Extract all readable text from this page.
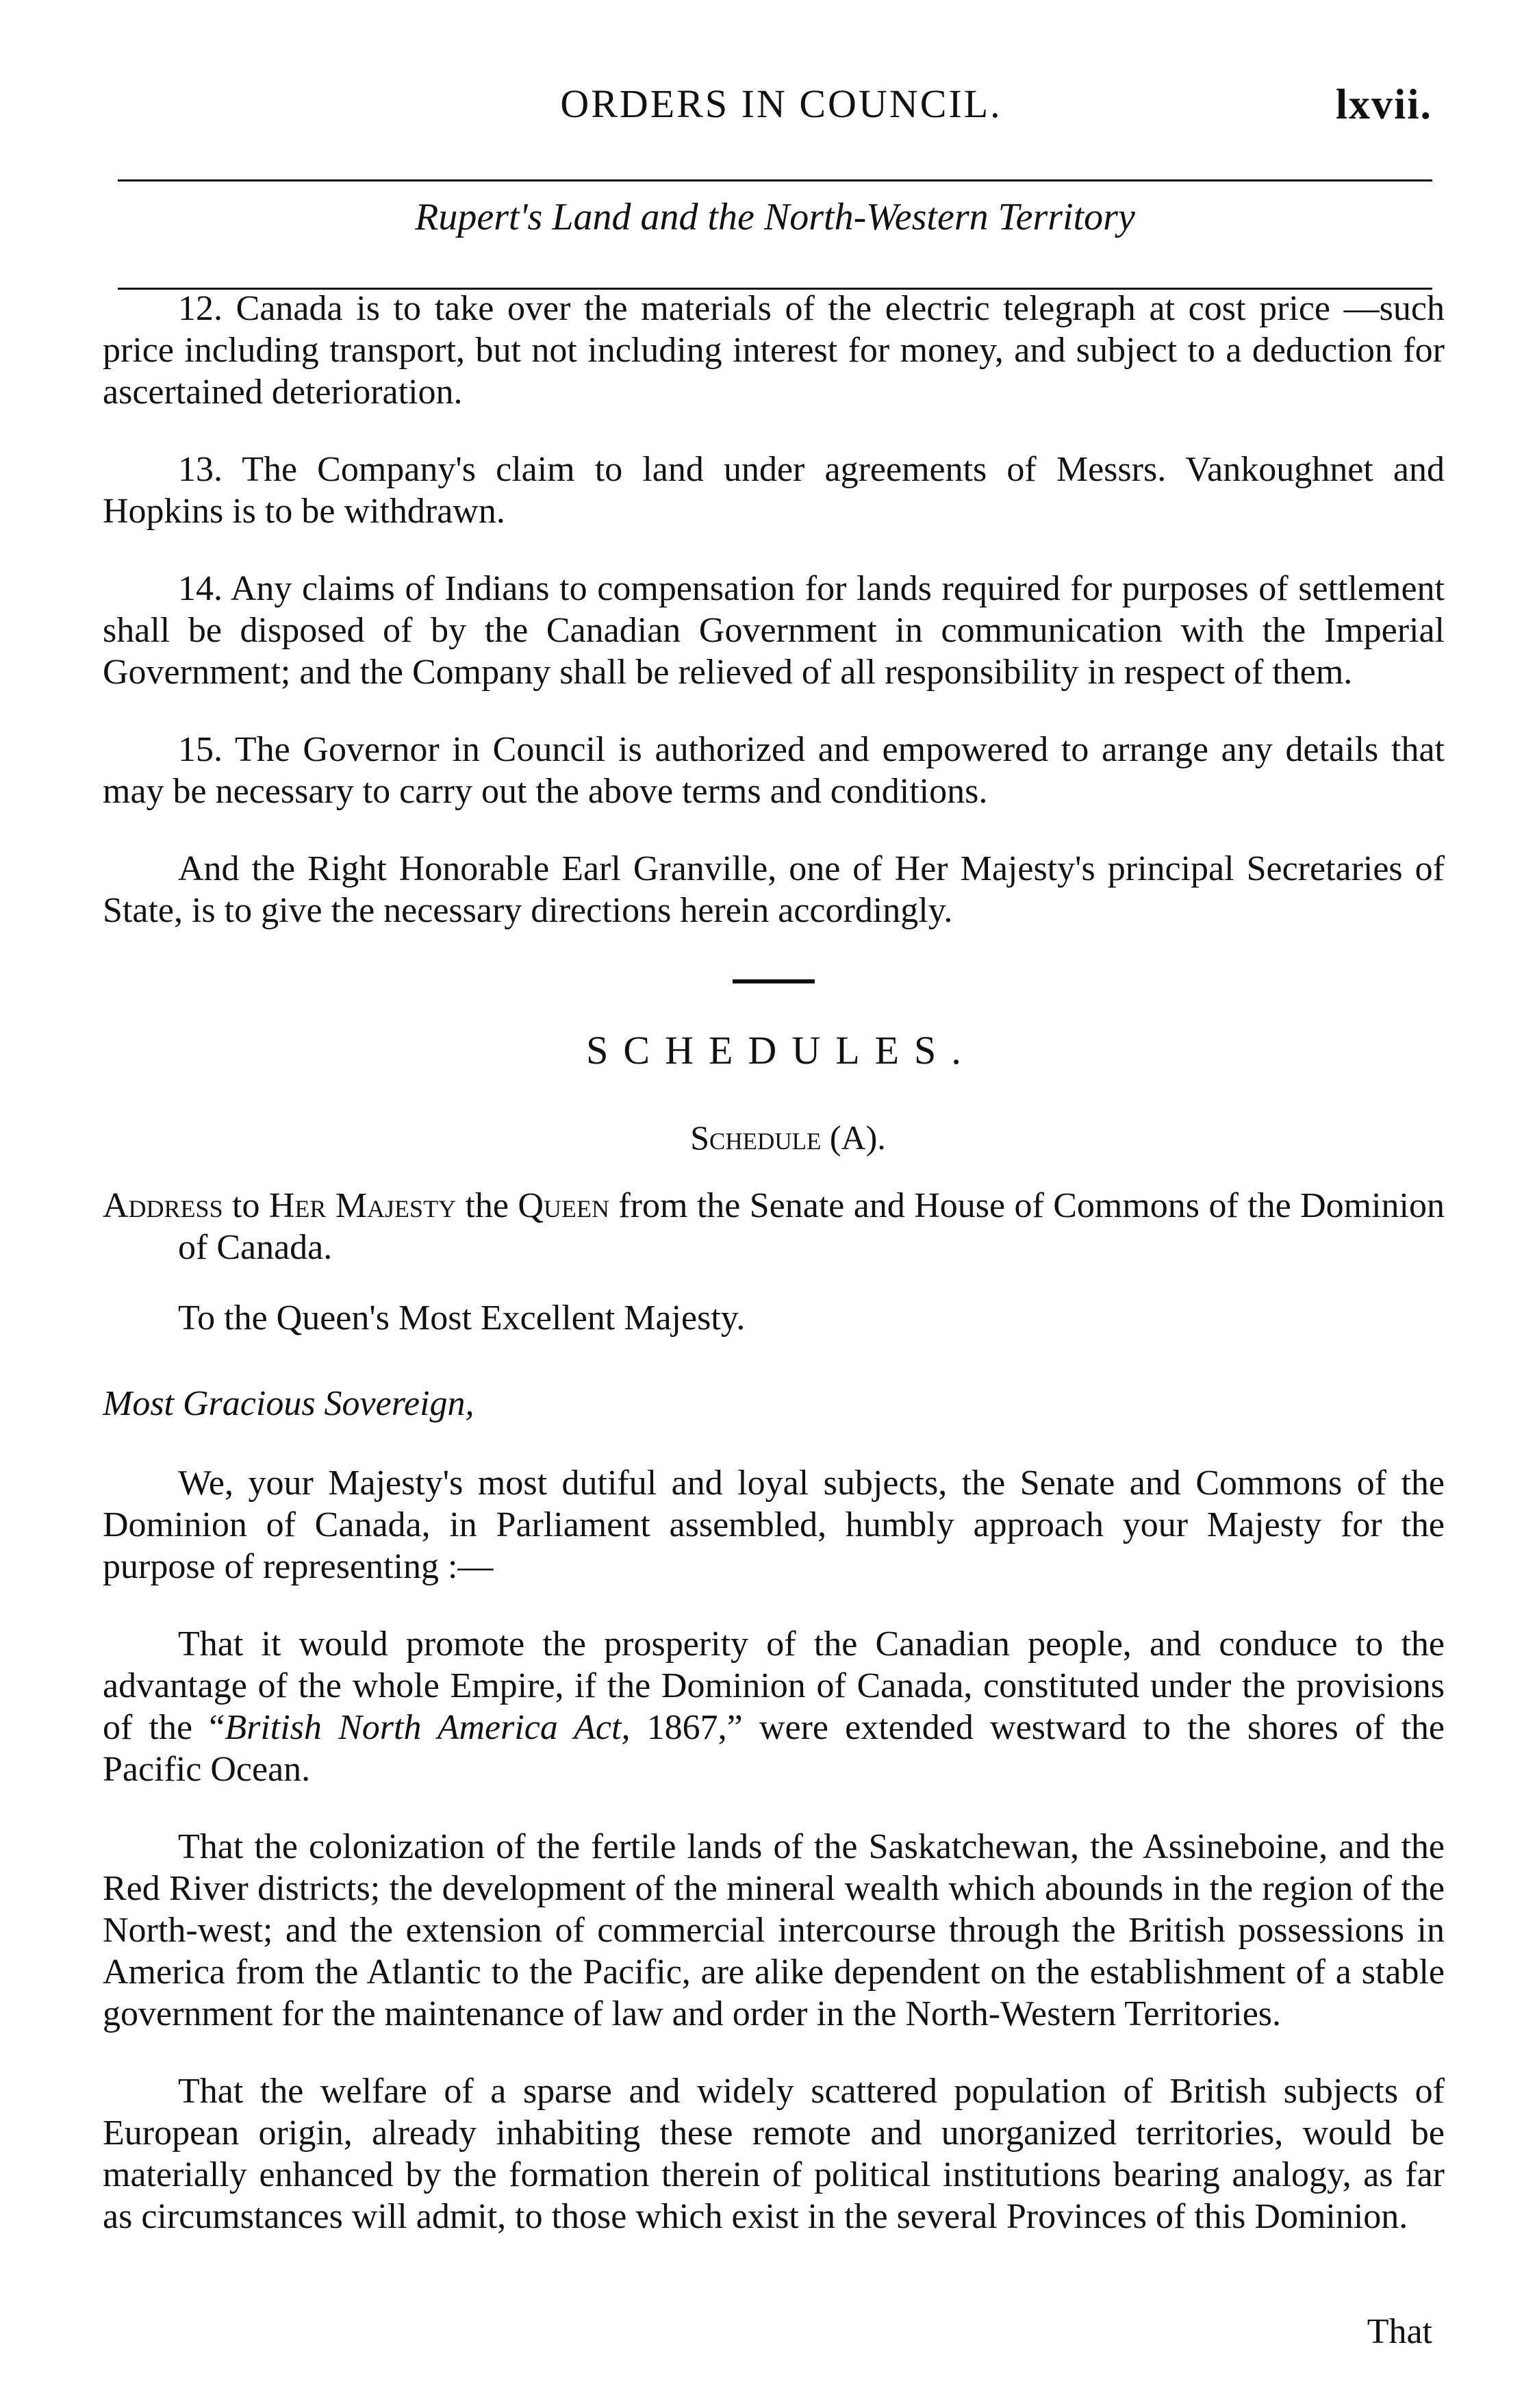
ORDERS IN COUNCIL.	lxvii.
Rupert's Land and the North-Western Territory

12. Canada is to take over the materials of the electric telegraph at cost price —such price including transport, but not including interest for money, and subject to a deduction for ascertained deterioration.

13. The Company's claim to land under agreements of Messrs. Vankoughnet and Hopkins is to be withdrawn.

14. Any claims of Indians to compensation for lands required for purposes of settlement shall be disposed of by the Canadian Government in communication with the Imperial Government; and the Company shall be relieved of all responsibility in respect of them.

15. The Governor in Council is authorized and empowered to arrange any details that may be necessary to carry out the above terms and conditions.

And the Right Honorable Earl Granville, one of Her Majesty's principal Secretaries of State, is to give the necessary directions herein accordingly.

SCHEDULES.
Schedule (A).
Address to Her Majesty the Queen from the Senate and House of Commons of the Dominion of Canada.
To the Queen's Most Excellent Majesty.
Most Gracious Sovereign,

We, your Majesty's most dutiful and loyal subjects, the Senate and Commons of the Dominion of Canada, in Parliament assembled, humbly approach your Majesty for the purpose of representing :—

That it would promote the prosperity of the Canadian people, and conduce to the advantage of the whole Empire, if the Dominion of Canada, constituted under the provisions of the “British North America Act, 1867,” were extended westward to the shores of the Pacific Ocean.

That the colonization of the fertile lands of the Saskatchewan, the Assineboine, and the Red River districts; the development of the mineral wealth which abounds in the region of the North-west; and the extension of commercial intercourse through the British possessions in America from the Atlantic to the Pacific, are alike dependent on the establishment of a stable government for the maintenance of law and order in the North-Western Territories.

That the welfare of a sparse and widely scattered population of British subjects of European origin, already inhabiting these remote and unorganized territories, would be materially enhanced by the formation therein of political institutions bearing analogy, as far as circumstances will admit, to those which exist in the several Provinces of this Dominion.

That
